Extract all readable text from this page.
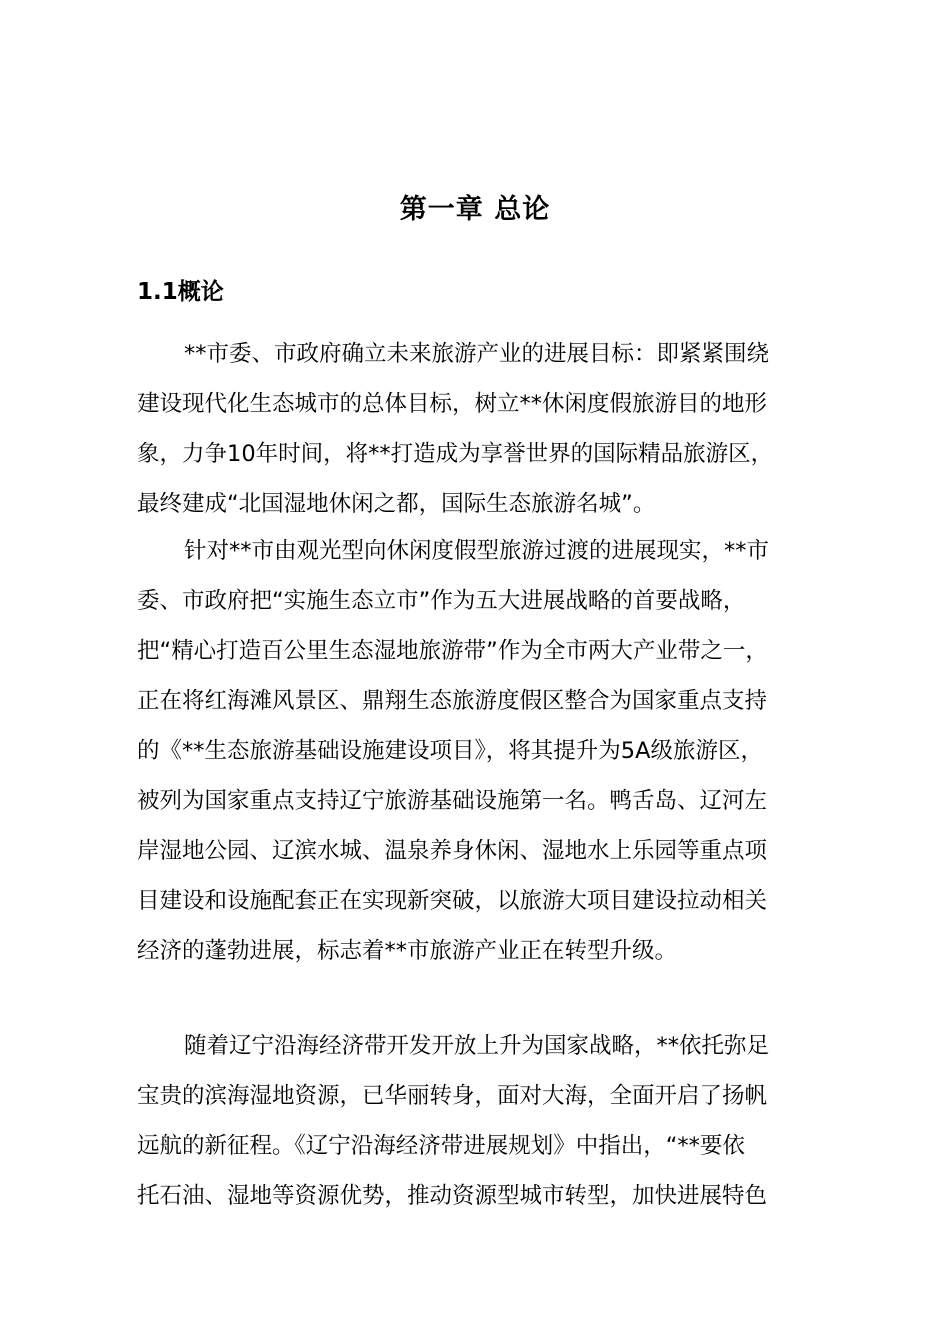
第一章 总论
1.1概论
**市委、市政府确立未来旅游产业的进展目标：即紧紧围绕
建设现代化生态城市的总体目标，树立**休闲度假旅游目的地形
象，力争10年时间，将**打造成为享誉世界的国际精品旅游区，
最终建成“北国湿地休闲之都，国际生态旅游名城”。
针对**市由观光型向休闲度假型旅游过渡的进展现实，**市
委、市政府把“实施生态立市”作为五大进展战略的首要战略，
把“精心打造百公里生态湿地旅游带”作为全市两大产业带之一，
正在将红海滩风景区、鼎翔生态旅游度假区整合为国家重点支持
的《**生态旅游基础设施建设项目》，将其提升为5A级旅游区，
被列为国家重点支持辽宁旅游基础设施第一名。鸭舌岛、辽河左
岸湿地公园、辽滨水城、温泉养身休闲、湿地水上乐园等重点项
目建设和设施配套正在实现新突破，以旅游大项目建设拉动相关
经济的蓬勃进展，标志着**市旅游产业正在转型升级。
随着辽宁沿海经济带开发开放上升为国家战略，**依托弥足
宝贵的滨海湿地资源，已华丽转身，面对大海，全面开启了扬帆
远航的新征程。《辽宁沿海经济带进展规划》中指出，“**要依
托石油、湿地等资源优势，推动资源型城市转型，加快进展特色
